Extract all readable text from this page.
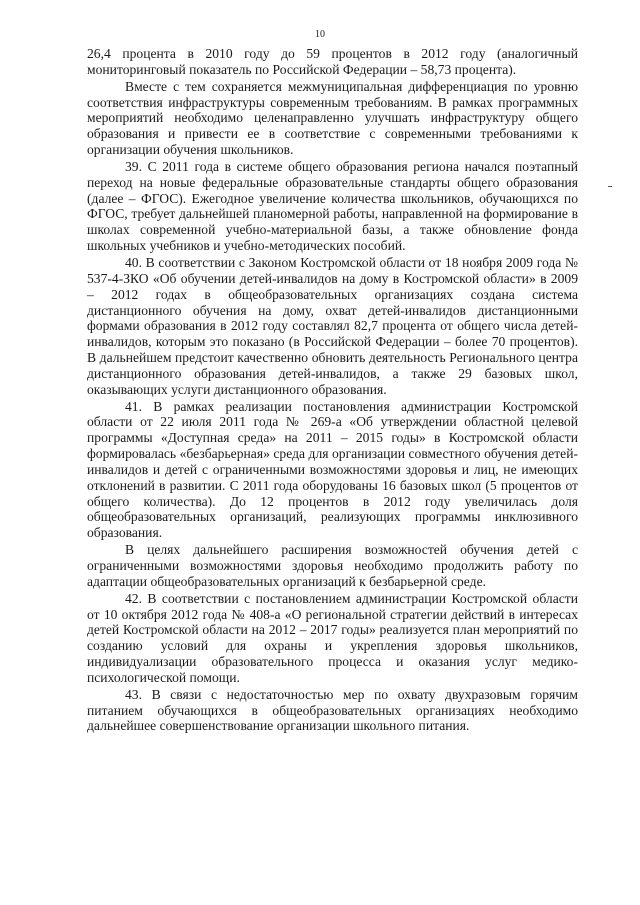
10

26,4 процента в 2010 году до 59 процентов в 2012 году (аналогичный мониторинговый показатель по Российской Федерации – 58,73 процента).

Вместе с тем сохраняется межмуниципальная дифференциация по уровню соответствия инфраструктуры современным требованиям. В рамках программных мероприятий необходимо целенаправленно улучшать инфраструктуру общего образования и привести ее в соответствие с современными требованиями к организации обучения школьников.

39. С 2011 года в системе общего образования региона начался поэтапный переход на новые федеральные образовательные стандарты общего образования (далее – ФГОС). Ежегодное увеличение количества школьников, обучающихся по ФГОС, требует дальнейшей планомерной работы, направленной на формирование в школах современной учебно-материальной базы, а также обновление фонда школьных учебников и учебно-методических пособий.

40. В соответствии с Законом Костромской области от 18 ноября 2009 года № 537-4-ЗКО «Об обучении детей-инвалидов на дому в Костромской области» в 2009 – 2012 годах в общеобразовательных организациях создана система дистанционного обучения на дому, охват детей-инвалидов дистанционными формами образования в 2012 году составлял 82,7 процента от общего числа детей-инвалидов, которым это показано (в Российской Федерации – более 70 процентов). В дальнейшем предстоит качественно обновить деятельность Регионального центра дистанционного образования детей-инвалидов, а также 29 базовых школ, оказывающих услуги дистанционного образования.

41. В рамках реализации постановления администрации Костромской области от 22 июля 2011 года № 269-а «Об утверждении областной целевой программы «Доступная среда» на 2011 – 2015 годы» в Костромской области формировалась «безбарьерная» среда для организации совместного обучения детей-инвалидов и детей с ограниченными возможностями здоровья и лиц, не имеющих отклонений в развитии. С 2011 года оборудованы 16 базовых школ (5 процентов от общего количества). До 12 процентов в 2012 году увеличилась доля общеобразовательных организаций, реализующих программы инклюзивного образования.

В целях дальнейшего расширения возможностей обучения детей с ограниченными возможностями здоровья необходимо продолжить работу по адаптации общеобразовательных организаций к безбарьерной среде.

42. В соответствии с постановлением администрации Костромской области от 10 октября 2012 года № 408-а «О региональной стратегии действий в интересах детей Костромской области на 2012 – 2017 годы» реализуется план мероприятий по созданию условий для охраны и укрепления здоровья школьников, индивидуализации образовательного процесса и оказания услуг медико-психологической помощи.

43. В связи с недостаточностью мер по охвату двухразовым горячим питанием обучающихся в общеобразовательных организациях необходимо дальнейшее совершенствование организации школьного питания.
